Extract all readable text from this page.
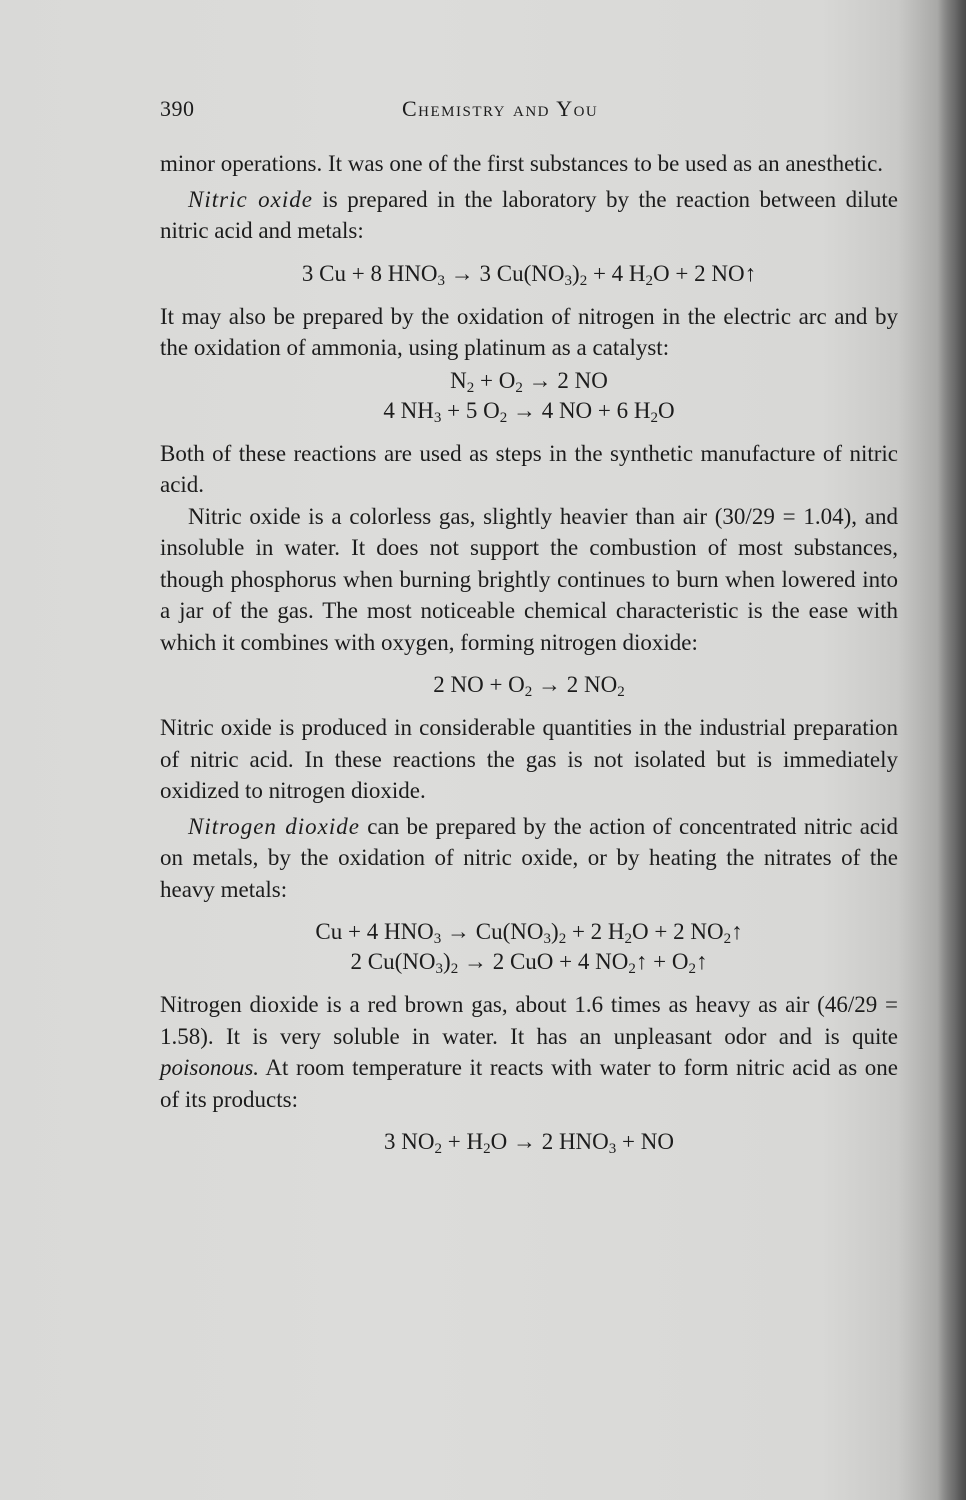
390	Chemistry and You

minor operations. It was one of the first substances to be used as an anesthetic.

Nitric oxide is prepared in the laboratory by the reaction between dilute nitric acid and metals:

3 Cu + 8 $HNO_3 \to 3$ $Cu(NO_3)_2 + 4$ $H_2O + 2$ NO↑

It may also be prepared by the oxidation of nitrogen in the electric arc and by the oxidation of ammonia, using platinum as a catalyst:

$N_2 + O_2 \to 2$ NO
4 $NH_3 + 5$ $O_2 \to 4$ NO + 6 $H_2O$

Both of these reactions are used as steps in the synthetic manufacture of nitric acid.

Nitric oxide is a colorless gas, slightly heavier than air (30/29 = 1.04), and insoluble in water. It does not support the combustion of most substances, though phosphorus when burning brightly continues to burn when lowered into a jar of the gas. The most noticeable chemical characteristic is the ease with which it combines with oxygen, forming nitrogen dioxide:

2 NO + $O_2 \to 2$ $NO_2$

Nitric oxide is produced in considerable quantities in the industrial preparation of nitric acid. In these reactions the gas is not isolated but is immediately oxidized to nitrogen dioxide.

Nitrogen dioxide can be prepared by the action of concentrated nitric acid on metals, by the oxidation of nitric oxide, or by heating the nitrates of the heavy metals:

Cu + 4 $HNO_3 \to Cu(NO_3)_2 + 2$ $H_2O + 2$ $NO_2↑$
2 $Cu(NO_3)_2 \to 2$ CuO + 4 $NO_2↑$ + $O_2↑$

Nitrogen dioxide is a red brown gas, about 1.6 times as heavy as air (46/29 = 1.58). It is very soluble in water. It has an unpleasant odor and is quite poisonous. At room temperature it reacts with water to form nitric acid as one of its products:

3 $NO_2 + H_2O \to 2$ $HNO_3$ + NO
